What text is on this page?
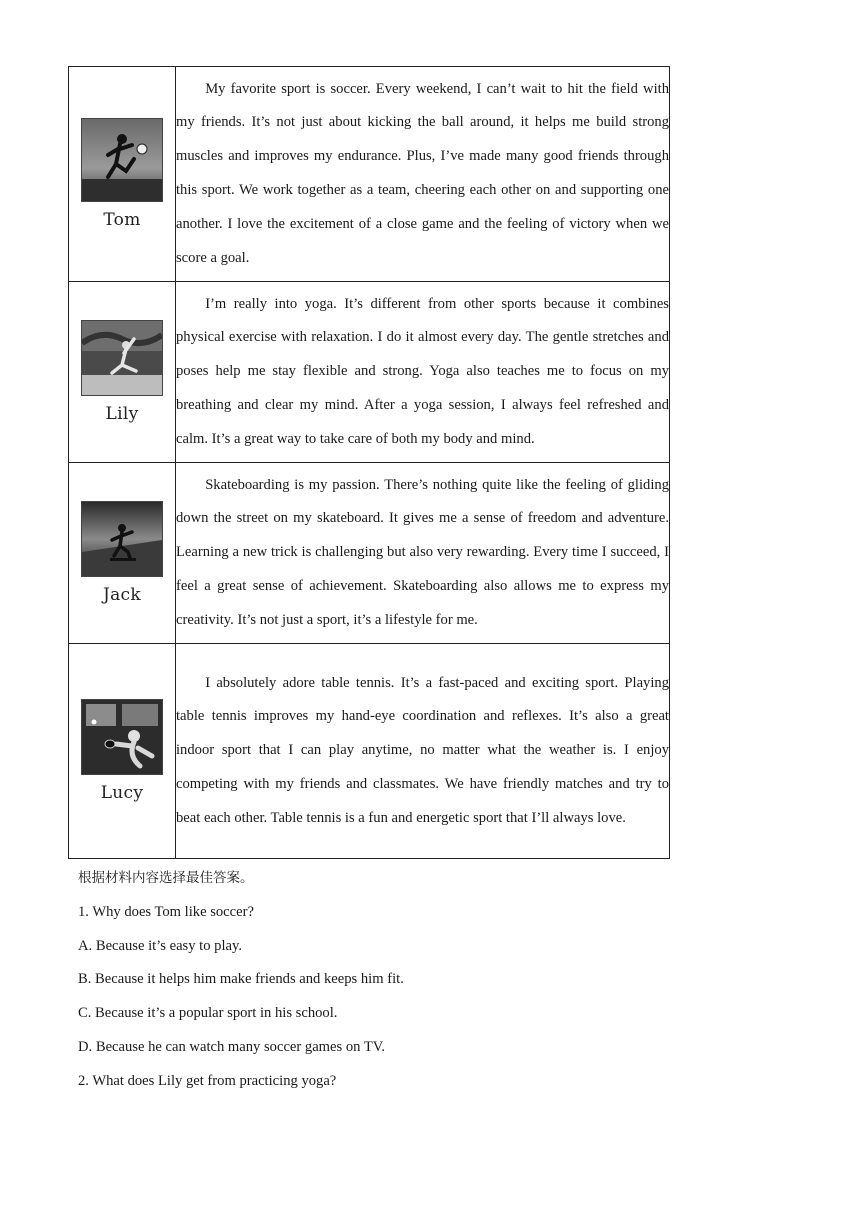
Tom	My favorite sport is soccer. Every weekend, I can’t wait to hit the field with my friends. It’s not just about kicking the ball around, it helps me build strong muscles and improves my endurance. Plus, I’ve made many good friends through this sport. We work together as a team, cheering each other on and supporting one another. I love the excitement of a close game and the feeling of victory when we score a goal.

Lily	I’m really into yoga. It’s different from other sports because it combines physical exercise with relaxation. I do it almost every day. The gentle stretches and poses help me stay flexible and strong. Yoga also teaches me to focus on my breathing and clear my mind. After a yoga session, I always feel refreshed and calm. It’s a great way to take care of both my body and mind.

Jack	Skateboarding is my passion. There’s nothing quite like the feeling of gliding down the street on my skateboard. It gives me a sense of freedom and adventure. Learning a new trick is challenging but also very rewarding. Every time I succeed, I feel a great sense of achievement. Skateboarding also allows me to express my creativity. It’s not just a sport, it’s a lifestyle for me.

Lucy	I absolutely adore table tennis. It’s a fast-paced and exciting sport. Playing table tennis improves my hand-eye coordination and reflexes. It’s also a great indoor sport that I can play anytime, no matter what the weather is. I enjoy competing with my friends and classmates. We have friendly matches and try to beat each other. Table tennis is a fun and energetic sport that I’ll always love.

根据材料内容选择最佳答案。

1. Why does Tom like soccer?

A. Because it’s easy to play.

B. Because it helps him make friends and keeps him fit.

C. Because it’s a popular sport in his school.

D. Because he can watch many soccer games on TV.

2. What does Lily get from practicing yoga?
